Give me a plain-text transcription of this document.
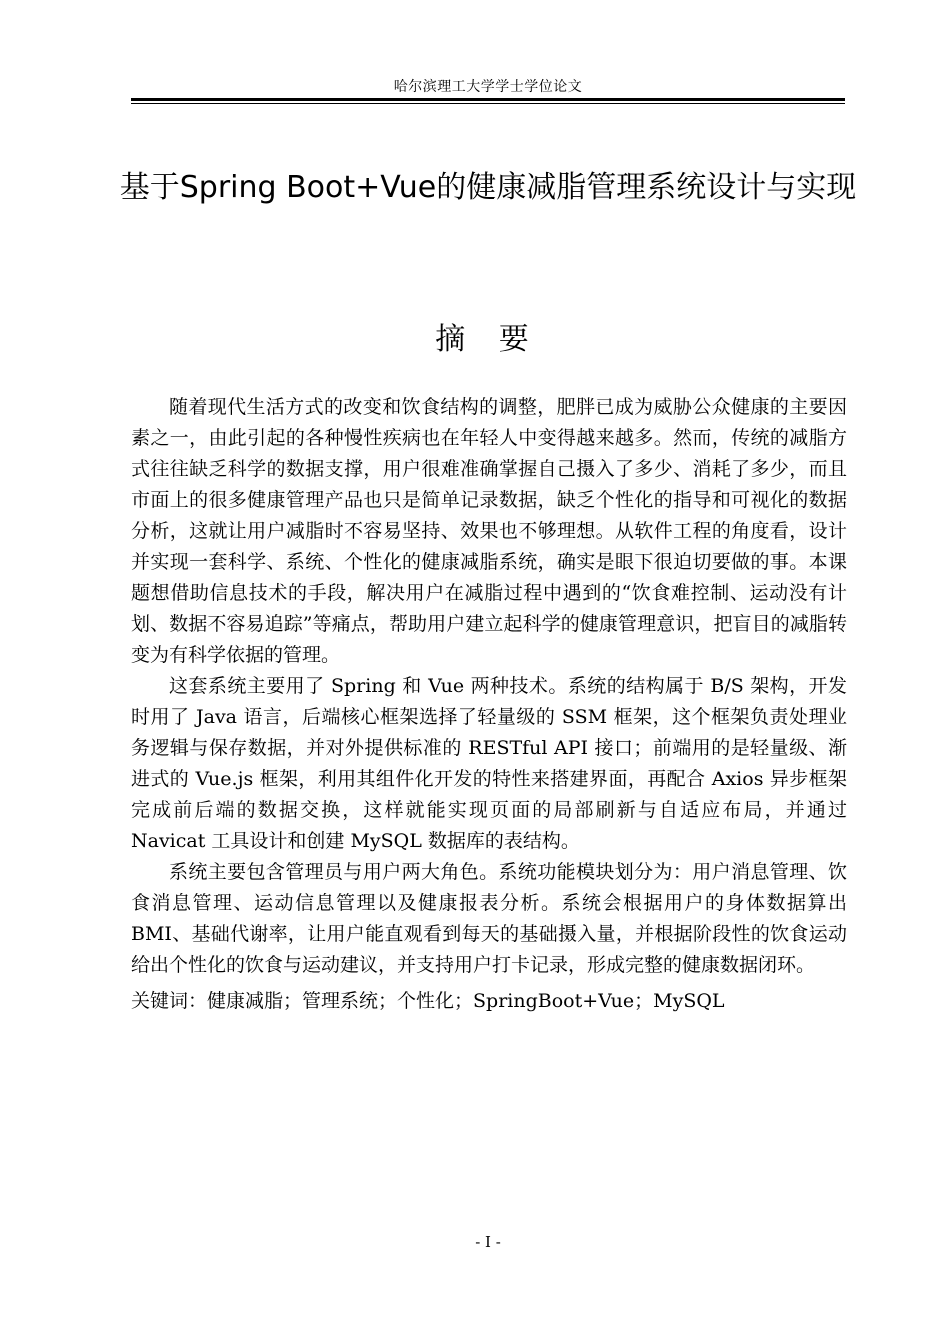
哈尔滨理工大学学士学位论文
基于Spring Boot+Vue的健康减脂管理系统设计与实现
摘 要

随着现代生活方式的改变和饮食结构的调整，肥胖已成为威胁公众健康的主要因素之一，由此引起的各种慢性疾病也在年轻人中变得越来越多。然而，传统的减脂方式往往缺乏科学的数据支撑，用户很难准确掌握自己摄入了多少、消耗了多少，而且市面上的很多健康管理产品也只是简单记录数据，缺乏个性化的指导和可视化的数据分析，这就让用户减脂时不容易坚持、效果也不够理想。从软件工程的角度看，设计并实现一套科学、系统、个性化的健康减脂系统，确实是眼下很迫切要做的事。本课题想借助信息技术的手段，解决用户在减脂过程中遇到的“饮食难控制、运动没有计划、数据不容易追踪”等痛点，帮助用户建立起科学的健康管理意识，把盲目的减脂转变为有科学依据的管理。

这套系统主要用了 Spring 和 Vue 两种技术。系统的结构属于 B/S 架构，开发时用了 Java 语言，后端核心框架选择了轻量级的 SSM 框架，这个框架负责处理业务逻辑与保存数据，并对外提供标准的 RESTful API 接口；前端用的是轻量级、渐进式的 Vue.js 框架，利用其组件化开发的特性来搭建界面，再配合 Axios 异步框架完成前后端的数据交换，这样就能实现页面的局部刷新与自适应布局，并通过 Navicat 工具设计和创建 MySQL 数据库的表结构。

系统主要包含管理员与用户两大角色。系统功能模块划分为：用户消息管理、饮食消息管理、运动信息管理以及健康报表分析。系统会根据用户的身体数据算出 BMI、基础代谢率，让用户能直观看到每天的基础摄入量，并根据阶段性的饮食运动给出个性化的饮食与运动建议，并支持用户打卡记录，形成完整的健康数据闭环。

关键词：健康减脂；管理系统；个性化；SpringBoot+Vue；MySQL
- I -
